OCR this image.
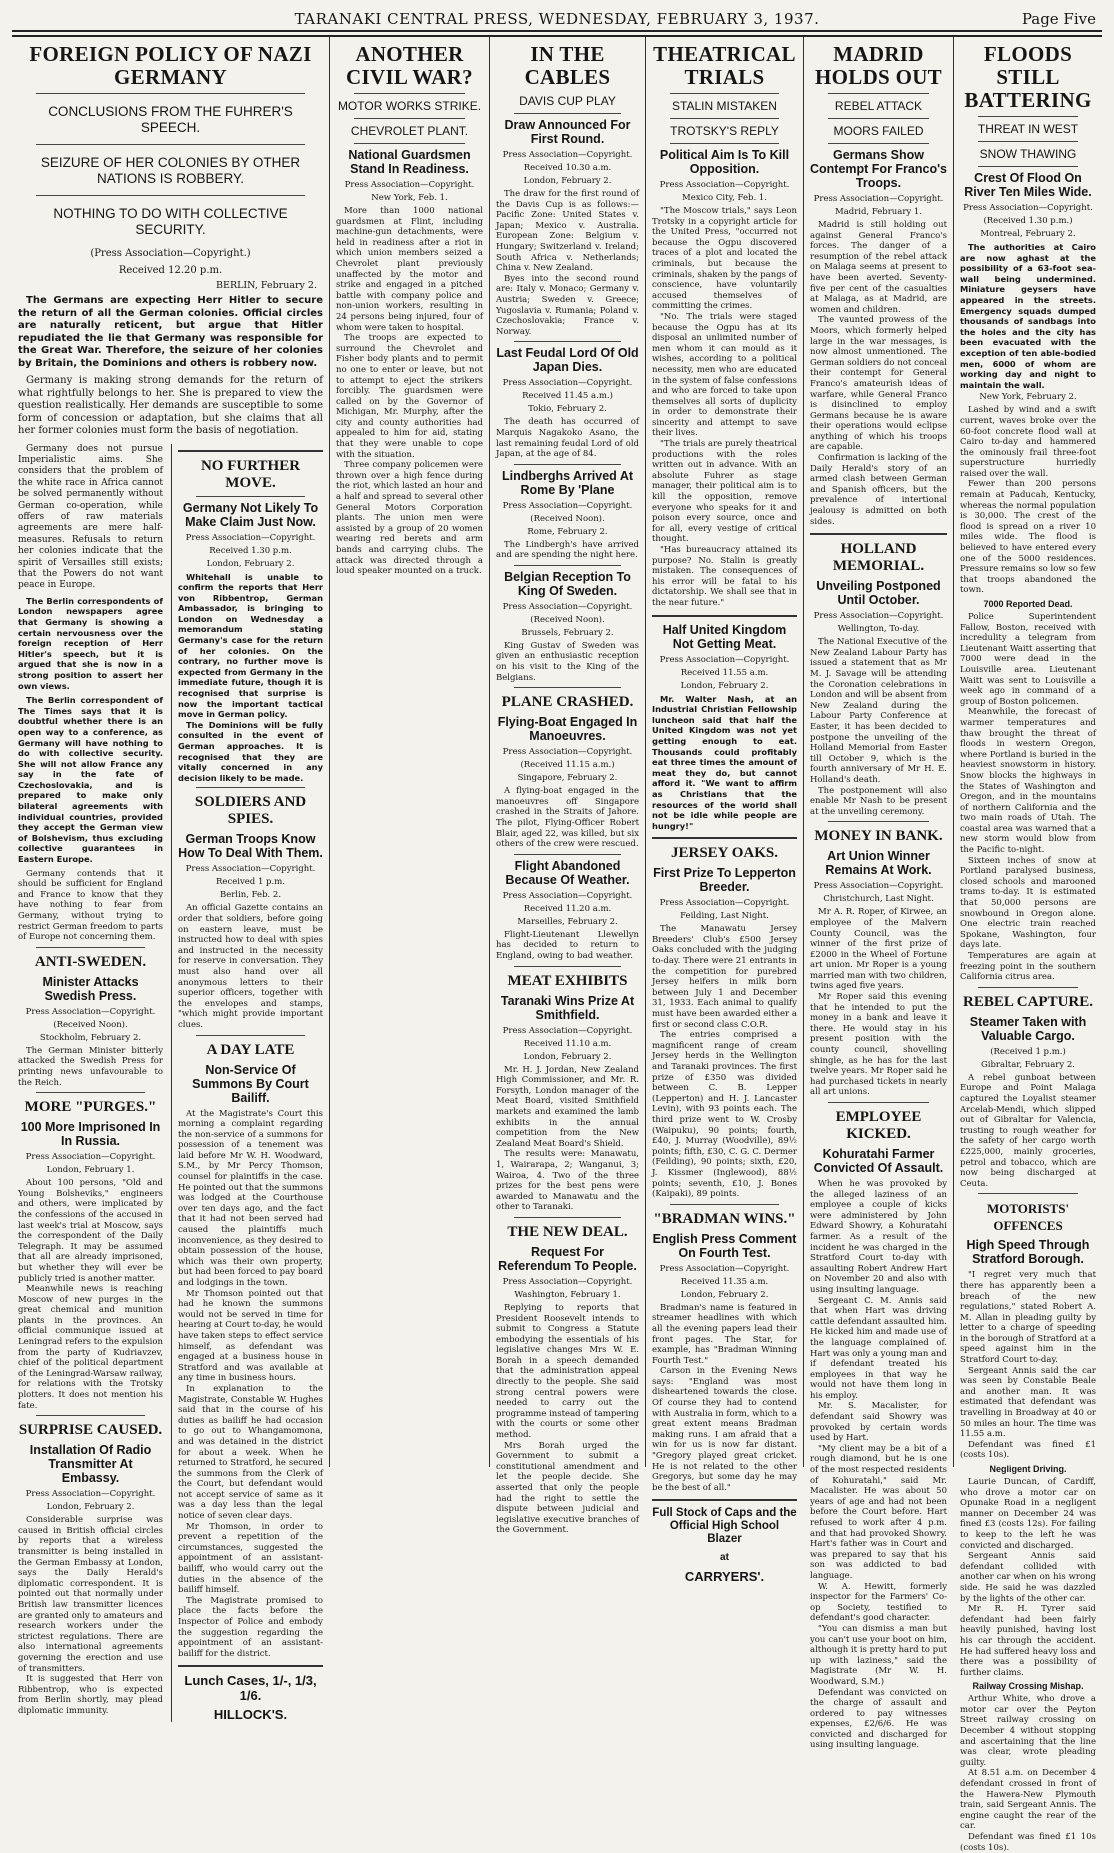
TARANAKI CENTRAL PRESS, WEDNESDAY, FEBRUARY 3, 1937.	Page Five
FOREIGN POLICY OF NAZI GERMANY
CONCLUSIONS FROM THE FUHRER'S SPEECH.
SEIZURE OF HER COLONIES BY OTHER NATIONS IS ROBBERY.
NOTHING TO DO WITH COLLECTIVE SECURITY.
(Press Association—Copyright.)
Received 12.20 p.m.
BERLIN, February 2.

The Germans are expecting Herr Hitler to secure the return of all the German colonies. Official circles are naturally reticent, but argue that Hitler repudiated the lie that Germany was responsible for the Great War. Therefore, the seizure of her colonies by Britain, the Dominions and others is robbery now.

Germany is making strong demands for the return of what rightfully belongs to her. She is prepared to view the question realistically. Her demands are susceptible to some form of concession or adaptation, but she claims that all her former colonies must form the basis of negotiation.

Germany does not pursue Imperialistic aims. She considers that the problem of the white race in Africa cannot be solved permanently without German co-operation, while offers of raw materials agreements are mere half-measures. Refusals to return her colonies indicate that the spirit of Versailles still exists; that the Powers do not want peace in Europe.

The Berlin correspondents of London newspapers agree that Germany is showing a certain nervousness over the foreign reception of Herr Hitler's speech, but it is argued that she is now in a strong position to assert her own views.

The Berlin correspondent of The Times says that it is doubtful whether there is an open way to a conference, as Germany will have nothing to do with collective security. She will not allow France any say in the fate of Czechoslovakia, and is prepared to make only bilateral agreements with individual countries, provided they accept the German view of Bolshevism, thus excluding collective guarantees in Eastern Europe.

Germany contends that it should be sufficient for England and France to know that they have nothing to fear from Germany, without trying to restrict German freedom to parts of Europe not concerning them.

ANTI-SWEDEN.
Minister Attacks Swedish Press.
Press Association—Copyright.
(Received Noon).
Stockholm, February 2.

The German Minister bitterly attacked the Swedish Press for printing news unfavourable to the Reich.

MORE "PURGES."
100 More Imprisoned In In Russia.
Press Association—Copyright.
London, February 1.

About 100 persons, "Old and Young Bolsheviks," engineers and others, were implicated by the confessions of the accused in last week's trial at Moscow, says the correspondent of the Daily Telegraph. It may be assumed that all are already imprisoned, but whether they will ever be publicly tried is another matter.

Meanwhile news is reaching Moscow of new purges in the great chemical and munition plants in the provinces. An official communique issued at Leningrad refers to the expulsion from the party of Kudriavzev, chief of the political department of the Leningrad-Warsaw railway, for relations with the Trotsky plotters. It does not mention his fate.

SURPRISE CAUSED.
Installation Of Radio Transmitter At Embassy.
Press Association—Copyright.
London, February 2.

Considerable surprise was caused in British official circles by reports that a wireless transmitter is being installed in the German Embassy at London, says the Daily Herald's diplomatic correspondent. It is pointed out that normally under British law transmitter licences are granted only to amateurs and research workers under the strictest regulations. There are also international agreements governing the erection and use of transmitters.

It is suggested that Herr von Ribbentrop, who is expected from Berlin shortly, may plead diplomatic immunity.

NO FURTHER MOVE.
Germany Not Likely To Make Claim Just Now.
Press Association—Copyright.
Received 1.30 p.m.
London, February 2.

Whitehall is unable to confirm the reports that Herr von Ribbentrop, German Ambassador, is bringing to London on Wednesday a memorandum stating Germany's case for the return of her colonies. On the contrary, no further move is expected from Germany in the immediate future, though it is recognised that surprise is now the important tactical move in German policy.

The Dominions will be fully consulted in the event of German approaches. It is recognised that they are vitally concerned in any decision likely to be made.

SOLDIERS AND SPIES.
German Troops Know How To Deal With Them.
Press Association—Copyright.
Received 1 p.m.
Berlin, Feb. 2.

An official Gazette contains an order that soldiers, before going on eastern leave, must be instructed how to deal with spies and instructed in the necessity for reserve in conversation. They must also hand over all anonymous letters to their superior officers, together with the envelopes and stamps, "which might provide important clues.

A DAY LATE
Non-Service Of Summons By Court Bailiff.

At the Magistrate's Court this morning a complaint regarding the non-service of a summons for possession of a tenement was laid before Mr W. H. Woodward, S.M., by Mr Percy Thomson, counsel for plaintiffs in the case. He pointed out that the summons was lodged at the Courthouse over ten days ago, and the fact that it had not been served had caused the plaintiffs much inconvenience, as they desired to obtain possession of the house, which was their own property, but had been forced to pay board and lodgings in the town.

Mr Thomson pointed out that had he known the summons would not be served in time for hearing at Court to-day, he would have taken steps to effect service himself, as defendant was engaged at a business house in Stratford and was available at any time in business hours.

In explanation to the Magistrate, Constable W. Hughes said that in the course of his duties as bailiff he had occasion to go out to Whangamomona, and was detained in the district for about a week. When he returned to Stratford, he secured the summons from the Clerk of the Court, but defendant would not accept service of same as it was a day less than the legal notice of seven clear days.

Mr Thomson, in order to prevent a repetition of the circumstances, suggested the appointment of an assistant-bailiff, who would carry out the duties in the absence of the bailiff himself.

The Magistrate promised to place the facts before the Inspector of Police and embody the suggestion regarding the appointment of an assistant-bailiff for the district.

Lunch Cases, 1/-, 1/3, 1/6.
HILLOCK'S.
ANOTHER CIVIL WAR?
MOTOR WORKS STRIKE.
CHEVROLET PLANT.
National Guardsmen Stand In Readiness.
Press Association—Copyright.
New York, Feb. 1.

More than 1000 national guardsmen at Flint, including machine-gun detachments, were held in readiness after a riot in which union members seized a Chevrolet plant previously unaffected by the motor and strike and engaged in a pitched battle with company police and non-union workers, resulting in 24 persons being injured, four of whom were taken to hospital.

The troops are expected to surround the Chevrolet and Fisher body plants and to permit no one to enter or leave, but not to attempt to eject the strikers forcibly. The guardsmen were called on by the Governor of Michigan, Mr. Murphy, after the city and county authorities had appealed to him for aid, stating that they were unable to cope with the situation.

Three company policemen were thrown over a high fence during the riot, which lasted an hour and a half and spread to several other General Motors Corporation plants. The union men were assisted by a group of 20 women wearing red berets and arm bands and carrying clubs. The attack was directed through a loud speaker mounted on a truck.

IN THE CABLES
DAVIS CUP PLAY
Draw Announced For First Round.
Press Association—Copyright.
Received 10.30 a.m.
London, February 2.

The draw for the first round of the Davis Cup is as follows:—Pacific Zone: United States v. Japan; Mexico v. Australia. European Zone: Belgium v. Hungary; Switzerland v. Ireland; South Africa v. Netherlands; China v. New Zealand.

Byes into the second round are: Italy v. Monaco; Germany v. Austria; Sweden v. Greece; Yugoslavia v. Rumania; Poland v. Czechoslovakia; France v. Norway.

Last Feudal Lord Of Old Japan Dies.
Press Association—Copyright.
Received 11.45 a.m.)
Tokio, February 2.

The death has occurred of Marquis Nagakoko Asano, the last remaining feudal Lord of old Japan, at the age of 84.

Lindberghs Arrived At Rome By 'Plane
Press Association—Copyright.
(Received Noon).
Rome, February 2.

The Lindbergh's have arrived and are spending the night here.

Belgian Reception To King Of Sweden.
Press Association—Copyright.
(Received Noon).
Brussels, February 2.

King Gustav of Sweden was given an enthusiastic reception on his visit to the King of the Belgians.

PLANE CRASHED.
Flying-Boat Engaged In Manoeuvres.
Press Association—Copyright.
(Received 11.15 a.m.)
Singapore, February 2.

A flying-boat engaged in the manoeuvres off Singapore crashed in the Straits of Jahore. The pilot, Flying-Officer Robert Blair, aged 22, was killed, but six others of the crew were rescued.

Flight Abandoned Because Of Weather.
Press Association—Copyright.
Received 11.20 a.m.
Marseilles, February 2.

Flight-Lieutenant Llewellyn has decided to return to England, owing to bad weather.

MEAT EXHIBITS
Taranaki Wins Prize At Smithfield.
Press Association—Copyright.
Received 11.10 a.m.
London, February 2.

Mr. H. J. Jordan, New Zealand High Commissioner, and Mr. R. Forsyth, London manager of the Meat Board, visited Smithfield markets and examined the lamb exhibits in the annual competition from the New Zealand Meat Board's Shield.

The results were: Manawatu, 1, Wairarapa, 2; Wanganui, 3; Wairoa, 4. Two of the three prizes for the best pens were awarded to Manawatu and the other to Taranaki.

THE NEW DEAL.
Request For Referendum To People.
Press Association—Copyright.
Washington, February 1.

Replying to reports that President Roosevelt intends to submit to Congress a Statute embodying the essentials of his legislative changes Mrs W. E. Borah in a speech demanded that the administration appeal directly to the people. She said strong central powers were needed to carry out the programme instead of tampering with the courts or some other method.

Mrs Borah urged the Government to submit a constitutional amendment and let the people decide. She asserted that only the people had the right to settle the dispute between judicial and legislative executive branches of the Government.

THEATRICAL TRIALS
STALIN MISTAKEN
TROTSKY'S REPLY
Political Aim Is To Kill Opposition.
Press Association—Copyright.
Mexico City, Feb. 1.

"The Moscow trials," says Leon Trotsky in a copyright article for the United Press, "occurred not because the Ogpu discovered traces of a plot and located the criminals, but because the criminals, shaken by the pangs of conscience, have voluntarily accused themselves of committing the crimes.

"No. The trials were staged because the Ogpu has at its disposal an unlimited number of men whom it can mould as it wishes, according to a political necessity, men who are educated in the system of false confessions and who are forced to take upon themselves all sorts of duplicity in order to demonstrate their sincerity and attempt to save their lives.

"The trials are purely theatrical productions with the roles written out in advance. With an absolute Fuhrer as stage manager, their political aim is to kill the opposition, remove everyone who speaks for it and poison every source, once and for all, every vestige of critical thought.

"Has bureaucracy attained its purpose? No. Stalin is greatly mistaken. The consequences of his error will be fatal to his dictatorship. We shall see that in the near future."

Half United Kingdom Not Getting Meat.
Press Association—Copyright.
Received 11.55 a.m.
London, February 2.

Mr. Walter Nash, at an Industrial Christian Fellowship luncheon said that half the United Kingdom was not yet getting enough to eat. Thousands could profitably eat three times the amount of meat they do, but cannot afford it. "We want to affirm as Christians that the resources of the world shall not be idle while people are hungry!"

JERSEY OAKS.
First Prize To Lepperton Breeder.
Press Association—Copyright.
Feilding, Last Night.

The Manawatu Jersey Breeders' Club's £500 Jersey Oaks concluded with the judging to-day. There were 21 entrants in the competition for purebred Jersey heifers in milk born between July 1 and December 31, 1933. Each animal to qualify must have been awarded either a first or second class C.O.R.

The entries comprised a magnificent range of cream Jersey herds in the Wellington and Taranaki provinces. The first prize of £350 was divided between C. B. Lepper (Lepperton) and H. J. Lancaster Levin), with 93 points each. The third prize went to W. Crosby (Waipuku), 90 points; fourth, £40, J. Murray (Woodville), 89½ points; fifth, £30, C. G. C. Dermer (Feilding), 90 points; sixth, £20, J. Kissmer (Inglewood), 88½ points; seventh, £10, J. Bones (Kaipaki), 89 points.

"BRADMAN WINS."
English Press Comment On Fourth Test.
Press Association—Copyright.
Received 11.35 a.m.
London, February 2.

Bradman's name is featured in streamer headlines with which all the evening papers lead their front pages. The Star, for example, has "Bradman Winning Fourth Test."

Carson in the Evening News says: "England was most disheartened towards the close. Of course they had to contend with Australia in form, which to a great extent means Bradman making runs. I am afraid that a win for us is now far distant. "Gregory played great cricket. He is not related to the other Gregorys, but some day he may be the best of all."

Full Stock of Caps and the Official High School Blazer
at
CARRYERS'.
MADRID HOLDS OUT
REBEL ATTACK
MOORS FAILED
Germans Show Contempt For Franco's Troops.
Press Association—Copyright.
Madrid, February 1.

Madrid is still holding out against General Franco's forces. The danger of a resumption of the rebel attack on Malaga seems at present to have been averted. Seventy-five per cent of the casualties at Malaga, as at Madrid, are women and children.

The vaunted prowess of the Moors, which formerly helped large in the war messages, is now almost unmentioned. The German soldiers do not conceal their contempt for General Franco's amateurish ideas of warfare, while General Franco is disinclined to employ Germans because he is aware their operations would eclipse anything of which his troops are capable.

Confirmation is lacking of the Daily Herald's story of an armed clash between German and Spanish officers, but the prevalence of intertional jealousy is admitted on both sides.

HOLLAND MEMORIAL.
Unveiling Postponed Until October.
Press Association—Copyright.
Wellington, To-day.

The National Executive of the New Zealand Labour Party has issued a statement that as Mr M. J. Savage will be attending the Coronation celebrations in London and will be absent from New Zealand during the Labour Party Conference at Easter, it has been decided to postpone the unveiling of the Holland Memorial from Easter till October 9, which is the fourth anniversary of Mr H. E. Holland's death.

The postponement will also enable Mr Nash to be present at the unveiling ceremony.

MONEY IN BANK.
Art Union Winner Remains At Work.
Press Association—Copyright.
Christchurch, Last Night.

Mr A. R. Roper, of Kirwee, an employee of the Malvern County Council, was the winner of the first prize of £2000 in the Wheel of Fortune art union. Mr Roper is a young married man with two children, twins aged five years.

Mr Roper said this evening that he intended to put the money in a bank and leave it there. He would stay in his present position with the county council, shovelling shingle, as he has for the last twelve years. Mr Roper said he had purchased tickets in nearly all art unions.

EMPLOYEE KICKED.
Kohuratahi Farmer Convicted Of Assault.

When he was provoked by the alleged laziness of an employee a couple of kicks were administered by John Edward Showry, a Kohuratahi farmer. As a result of the incident he was charged in the Stratford Court to-day with assaulting Robert Andrew Hart on November 20 and also with using insulting language.

Sergeant C. M. Annis said that when Hart was driving cattle defendant assaulted him. He kicked him and made use of the language complained of. Hart was only a young man and if defendant treated his employees in that way he would not have them long in his employ.

Mr. S. Macalister, for defendant said Showry was provoked by certain words used by Hart.

"My client may be a bit of a rough diamond, but he is one of the most respected residents of Kohuratahi," said Mr. Macalister. He was about 50 years of age and had not been before the Court before. Hart refused to work after 4 p.m. and that had provoked Showry. Hart's father was in Court and was prepared to say that his son was addicted to bad language.

W. A. Hewitt, formerly inspector for the Farmers' Co-op Society, testified to defendant's good character.

"You can dismiss a man but you can't use your boot on him, although it is pretty hard to put up with laziness," said the Magistrate (Mr W. H. Woodward, S.M.)

Defendant was convicted on the charge of assault and ordered to pay witnesses expenses, £2/6/6. He was convicted and discharged for using insulting language.

FLOODS STILL BATTERING
THREAT IN WEST
SNOW THAWING
Crest Of Flood On River Ten Miles Wide.
Press Association—Copyright.
(Received 1.30 p.m.)
Montreal, February 2.

The authorities at Cairo are now aghast at the possibility of a 63-foot sea-wall being undermined. Miniature geysers have appeared in the streets. Emergency squads dumped thousands of sandbags into the holes and the city has been evacuated with the exception of ten able-bodied men, 6000 of whom are working day and night to maintain the wall.

New York, February 2.

Lashed by wind and a swift current, waves broke over the 60-foot concrete flood wall at Cairo to-day and hammered the ominously frail three-foot superstructure hurriedly raised over the wall.

Fewer than 200 persons remain at Paducah, Kentucky, whereas the normal population is 30,000. The crest of the flood is spread on a river 10 miles wide. The flood is believed to have entered every one of the 5000 residences. Pressure remains so low so few that troops abandoned the town.

7000 Reported Dead.

Police Superintendent Fallow, Boston, received with incredulity a telegram from Lieutenant Waitt asserting that 7000 were dead in the Louisville area. Lieutenant Waitt was sent to Louisville a week ago in command of a group of Boston policemen.

Meanwhile, the forecast of warmer temperatures and thaw brought the threat of floods in western Oregon, where Portland is buried in the heaviest snowstorm in history. Snow blocks the highways in the States of Washington and Oregon, and in the mountains of northern California and the two main roads of Utah. The coastal area was warned that a new storm would blow from the Pacific to-night.

Sixteen inches of snow at Portland paralysed business, closed schools and marooned trams to-day. It is estimated that 50,000 persons are snowbound in Oregon alone. One electric train reached Spokane, Washington, four days late.

Temperatures are again at freezing point in the southern California citrus area.

REBEL CAPTURE.
Steamer Taken with Valuable Cargo.
(Received 1 p.m.)
Gibraltar, February 2.

A rebel gunboat between Europe and Point Malaga captured the Loyalist steamer Arcelab-Mendi, which slipped out of Gibraltar for Valencia, trusting to rough weather for the safety of her cargo worth £225,000, mainly groceries, petrol and tobacco, which are now being discharged at Ceuta.

MOTORISTS' OFFENCES
High Speed Through Stratford Borough.

"I regret very much that there has apparently been a breach of the new regulations," stated Robert A. M. Allan in pleading guilty by letter to a charge of speeding in the borough of Stratford at a speed against him in the Stratford Court to-day.

Sergeant Annis said the car was seen by Constable Beale and another man. It was estimated that defendant was travelling in Broadway at 40 or 50 miles an hour. The time was 11.55 a.m.

Defendant was fined £1 (costs 10s).

Negligent Driving.

Laurie Duncan, of Cardiff, who drove a motor car on Opunake Road in a negligent manner on December 24 was fined £3 (costs 12s). For failing to keep to the left he was convicted and discharged.

Sergeant Annis said defendant collided with another car when on his wrong side. He said he was dazzled by the lights of the other car.

Mr R. H. Tyrer said defendant had been fairly heavily punished, having lost his car through the accident. He had suffered heavy loss and there was a possibility of further claims.

Railway Crossing Mishap.

Arthur White, who drove a motor car over the Peyton Street railway crossing on December 4 without stopping and ascertaining that the line was clear, wrote pleading guilty.

At 8.51 a.m. on December 4 defendant crossed in front of the Hawera-New Plymouth train, said Sergeant Annis. The engine caught the rear of the car.

Defendant was fined £1 10s (costs 10s).
